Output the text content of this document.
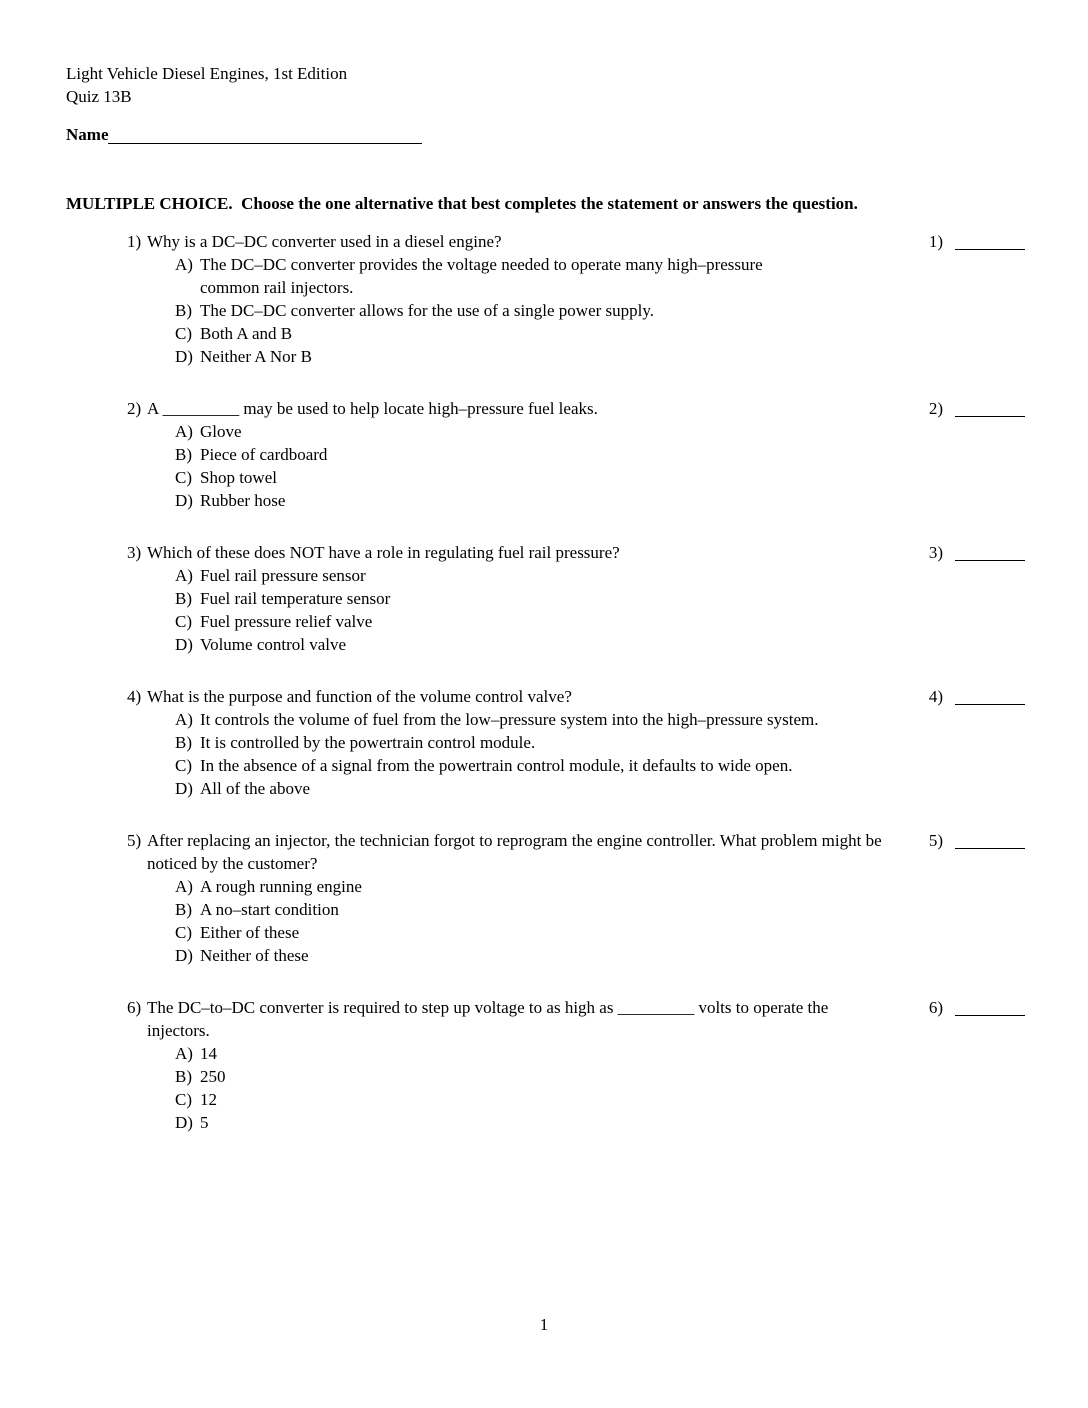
Light Vehicle Diesel Engines, 1st Edition
Quiz 13B
Name
MULTIPLE CHOICE. Choose the one alternative that best completes the statement or answers the question.
1) Why is a DC–DC converter used in a diesel engine?	1)
A) The DC–DC converter provides the voltage needed to operate many high–pressure common rail injectors.
B) The DC–DC converter allows for the use of a single power supply.
C) Both A and B
D) Neither A Nor B
2) A _________ may be used to help locate high–pressure fuel leaks.	2)
A) Glove
B) Piece of cardboard
C) Shop towel
D) Rubber hose
3) Which of these does NOT have a role in regulating fuel rail pressure?	3)
A) Fuel rail pressure sensor
B) Fuel rail temperature sensor
C) Fuel pressure relief valve
D) Volume control valve
4) What is the purpose and function of the volume control valve?	4)
A) It controls the volume of fuel from the low–pressure system into the high–pressure system.
B) It is controlled by the powertrain control module.
C) In the absence of a signal from the powertrain control module, it defaults to wide open.
D) All of the above
5) After replacing an injector, the technician forgot to reprogram the engine controller. What problem might be noticed by the customer?
5)
A) A rough running engine
B) A no–start condition
C) Either of these
D) Neither of these
6) The DC–to–DC converter is required to step up voltage to as high as _________ volts to operate the injectors.
6)
A) 14
B) 250
C) 12
D) 5
1
